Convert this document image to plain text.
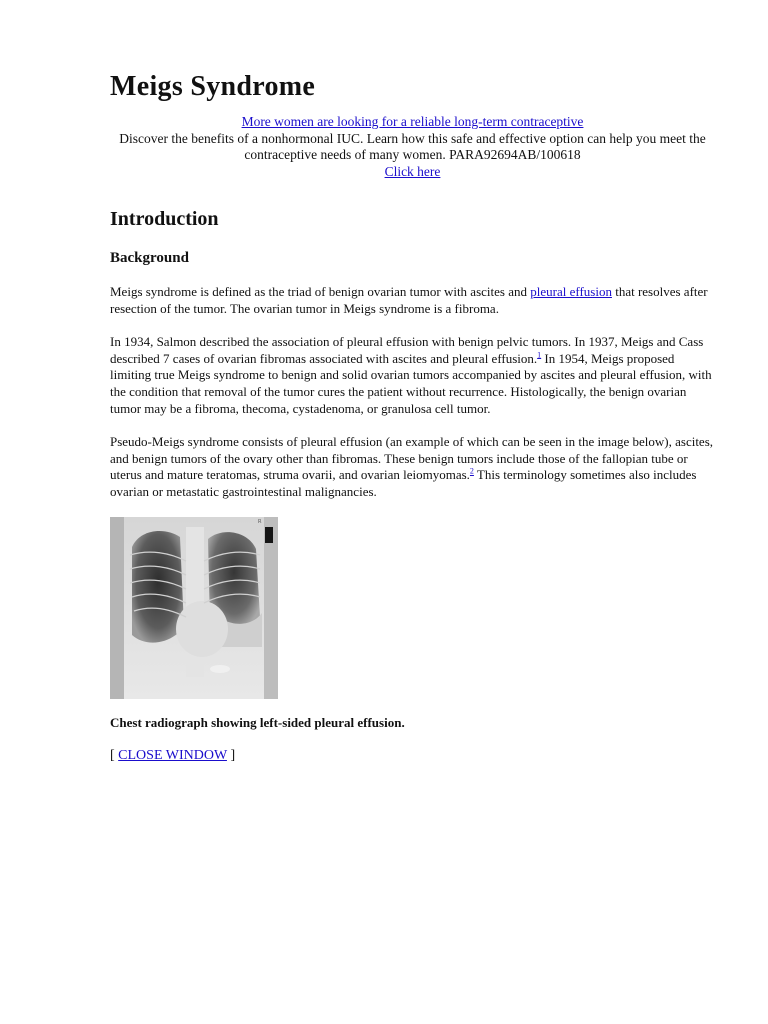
Meigs Syndrome
More women are looking for a reliable long-term contraceptive
Discover the benefits of a nonhormonal IUC. Learn how this safe and effective option can help you meet the contraceptive needs of many women. PARA92694AB/100618
Click here
Introduction
Background

Meigs syndrome is defined as the triad of benign ovarian tumor with ascites and pleural effusion that resolves after resection of the tumor. The ovarian tumor in Meigs syndrome is a fibroma.

In 1934, Salmon described the association of pleural effusion with benign pelvic tumors. In 1937, Meigs and Cass described 7 cases of ovarian fibromas associated with ascites and pleural effusion.$^1$ In 1954, Meigs proposed limiting true Meigs syndrome to benign and solid ovarian tumors accompanied by ascites and pleural effusion, with the condition that removal of the tumor cures the patient without recurrence. Histologically, the benign ovarian tumor may be a fibroma, thecoma, cystadenoma, or granulosa cell tumor.

Pseudo-Meigs syndrome consists of pleural effusion (an example of which can be seen in the image below), ascites, and benign tumors of the ovary other than fibromas. These benign tumors include those of the fallopian tube or uterus and mature teratomas, struma ovarii, and ovarian leiomyomas.$^2$ This terminology sometimes also includes ovarian or metastatic gastrointestinal malignancies.

R

Chest radiograph showing left-sided pleural effusion.

[ CLOSE WINDOW ]
